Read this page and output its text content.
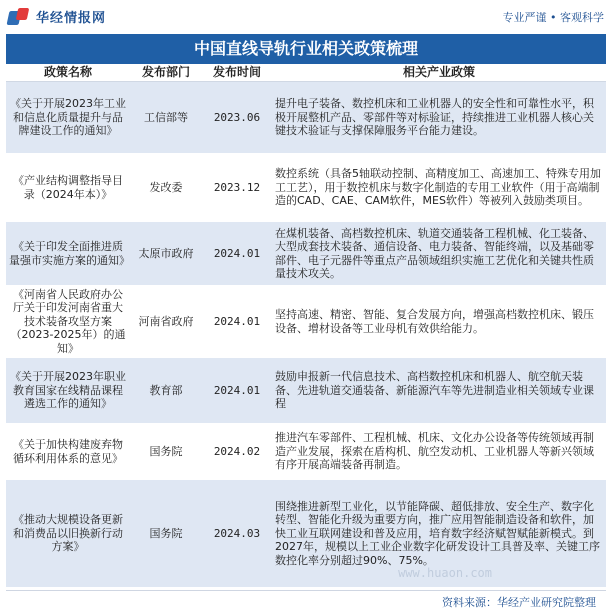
华经情报网	专业严谨 • 客观科学
中国直线导轨行业相关政策梳理
政策名称	发布部门	发布时间	相关产业政策
《关于开展2023年工业和信息化质量提升与品牌建设工作的通知》	工信部等	2023.06	提升电子装备、数控机床和工业机器人的安全性和可靠性水平，积极开展整机产品、零部件等对标验证，持续推进工业机器人核心关键技术验证与支撑保障服务平台能力建设。
《产业结构调整指导目录（2024年本）》	发改委	2023.12	数控系统（具备5轴联动控制、高精度加工、高速加工、特殊专用加工工艺），用于数控机床与数字化制造的专用工业软件（用于高端制造的CAD、CAE、CAM软件，MES软件）等被列入鼓励类项目。
《关于印发全面推进质量强市实施方案的通知》	太原市政府	2024.01	在煤机装备、高档数控机床、轨道交通装备工程机械、化工装备、大型成套技术装备、通信设备、电力装备、智能终端，以及基础零部件、电子元器件等重点产品领域组织实施工艺优化和关键共性质量技术攻关。
《河南省人民政府办公厅关于印发河南省重大技术装备攻坚方案（2023-2025年）的通知》	河南省政府	2024.01	坚持高速、精密、智能、复合发展方向，增强高档数控机床、锻压设备、增材设备等工业母机有效供给能力。
《关于开展2023年职业教育国家在线精品课程遴选工作的通知》	教育部	2024.01	鼓励申报新一代信息技术、高档数控机床和机器人、航空航天装备、先进轨道交通装备、新能源汽车等先进制造业相关领域专业课程
《关于加快构建废弃物循环利用体系的意见》	国务院	2024.02	推进汽车零部件、工程机械、机床、文化办公设备等传统领域再制造产业发展，探索在盾构机、航空发动机、工业机器人等新兴领域有序开展高端装备再制造。
《推动大规模设备更新和消费品以旧换新行动方案》	国务院	2024.03	围绕推进新型工业化，以节能降碳、超低排放、安全生产、数字化转型、智能化升级为重要方向，推广应用智能制造设备和软件，加快工业互联网建设和普及应用，培育数字经济赋智赋能新模式。到2027年，规模以上工业企业数字化研发设计工具普及率、关键工序数控化率分别超过90%、75%。
www.huaon.com
资料来源：华经产业研究院整理
